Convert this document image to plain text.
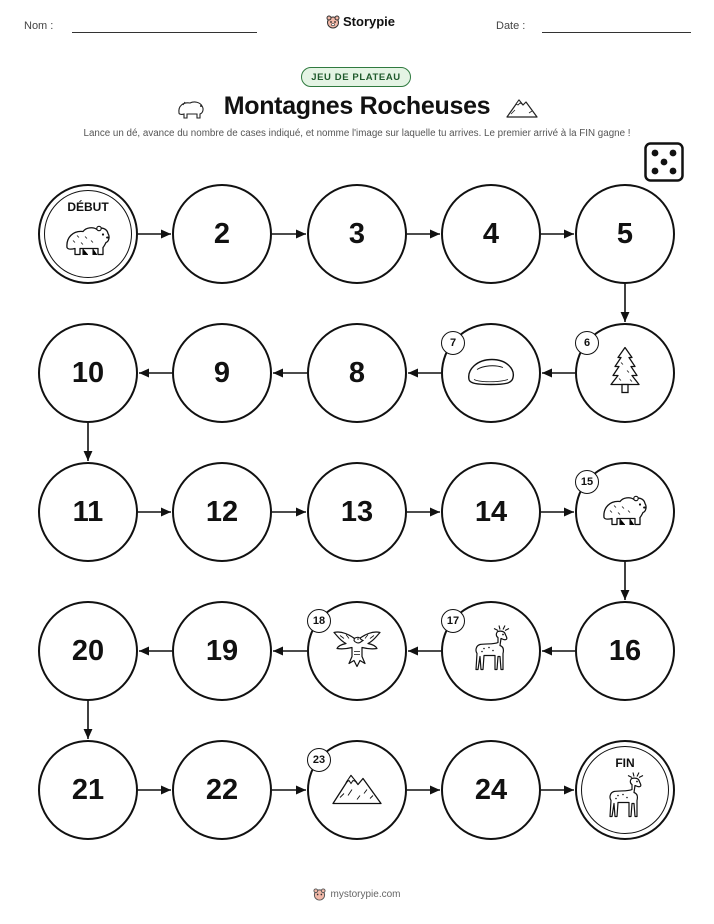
Nom :	Storypie	Date :
JEU DE PLATEAU
Montagnes Rocheuses
Lance un dé, avance du nombre de cases indiqué, et nomme l'image sur laquelle tu arrives. Le premier arrivé à la FIN gagne !
DÉBUT
2	3	4	5
6
7
8
9
10
11	12	13	14
15
16
17
18
19
20
21	22
23
24
FIN
mystorypie.com
